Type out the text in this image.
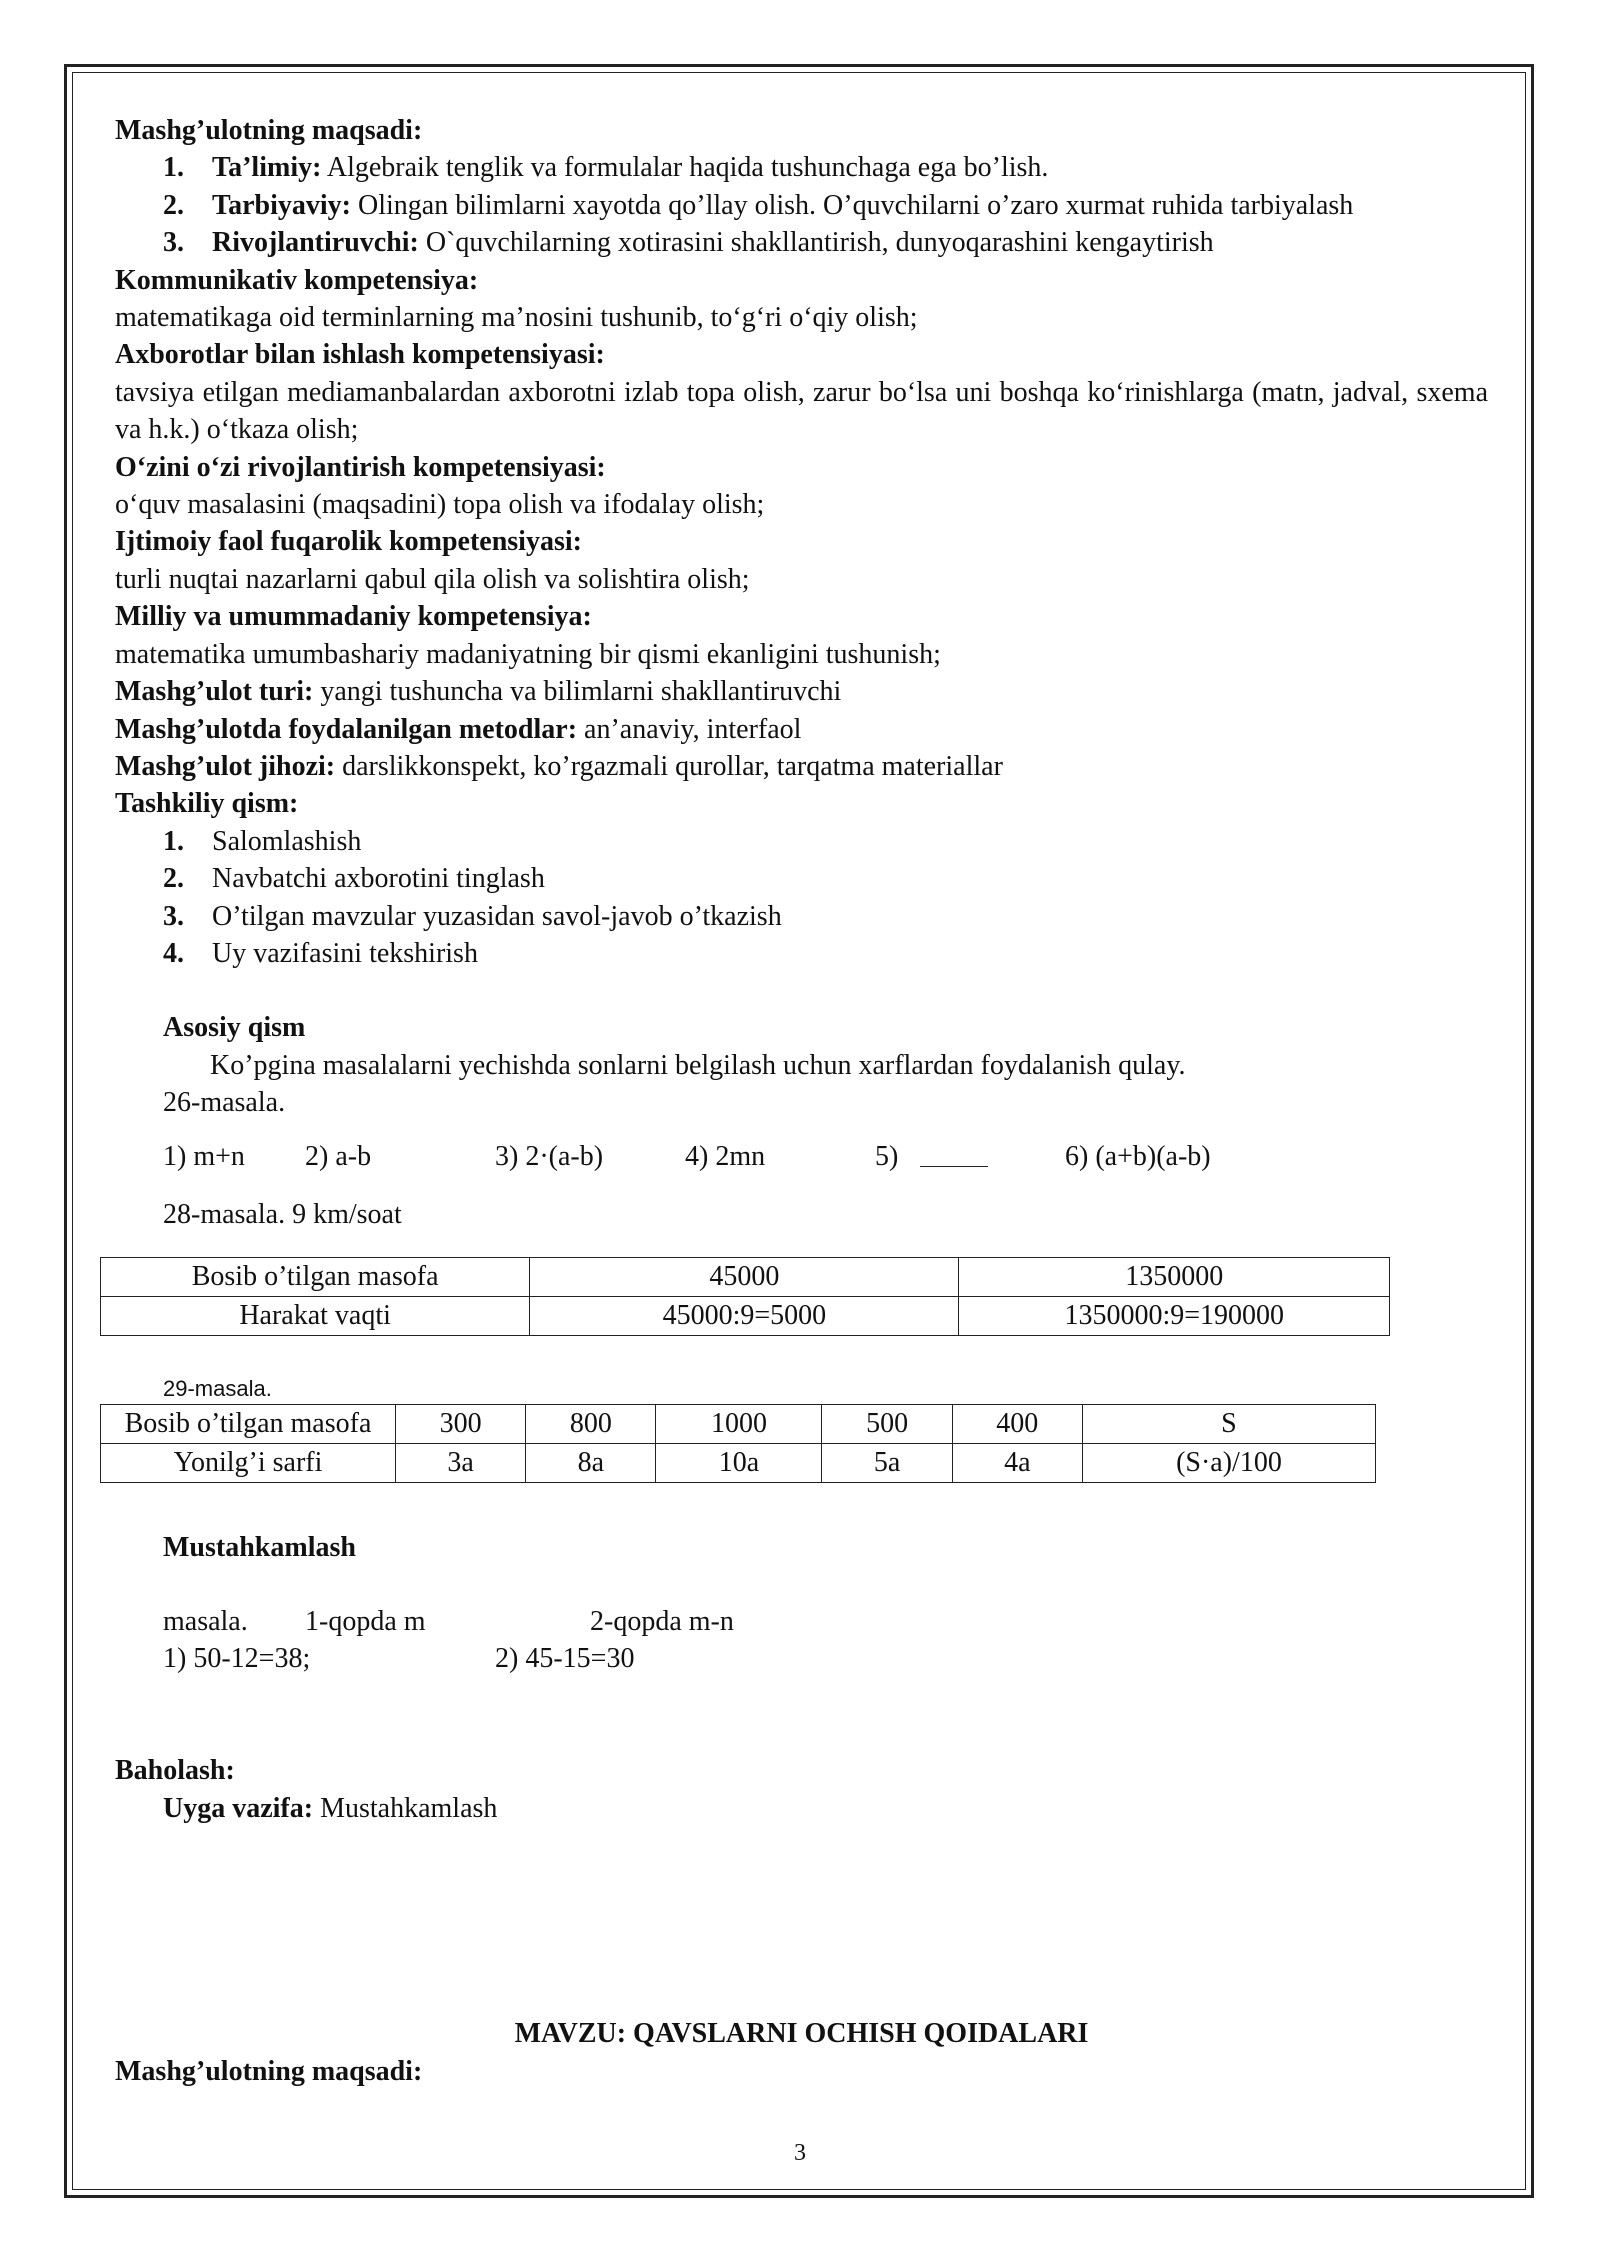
Mashg’ulotning maqsadi:

1. Ta’limiy: Algebraik tenglik va formulalar haqida tushunchaga ega bo’lish.
2. Tarbiyaviy: Olingan bilimlarni xayotda qo’llay olish. O’quvchilarni o’zaro xurmat ruhida tarbiyalash
3. Rivojlantiruvchi: O`quvchilarning xotirasini shakllantirish, dunyoqarashini kengaytirish

Kommunikativ kompetensiya:

matematikaga oid terminlarning ma’nosini tushunib, to‘g‘ri o‘qiy olish;

Axborotlar bilan ishlash kompetensiyasi:

tavsiya etilgan mediamanbalardan axborotni izlab topa olish, zarur bo‘lsa uni boshqa ko‘rinishlarga (matn, jadval, sxema va h.k.) o‘tkaza olish;

O‘zini o‘zi rivojlantirish kompetensiyasi:

o‘quv masalasini (maqsadini) topa olish va ifodalay olish;

Ijtimoiy faol fuqarolik kompetensiyasi:

turli nuqtai nazarlarni qabul qila olish va solishtira olish;

Milliy va umummadaniy kompetensiya:

matematika umumbashariy madaniyatning bir qismi ekanligini tushunish;

Mashg’ulot turi: yangi tushuncha va bilimlarni shakllantiruvchi

Mashg’ulotda foydalanilgan metodlar: an’anaviy, interfaol

Mashg’ulot jihozi: darslikkonspekt, ko’rgazmali qurollar, tarqatma materiallar

Tashkiliy qism:

1. Salomlashish
2. Navbatchi axborotini tinglash
3. O’tilgan mavzular yuzasidan savol-javob o’tkazish
4. Uy vazifasini tekshirish

Asosiy qism

Ko’pgina masalalarni yechishda sonlarni belgilash uchun xarflardan foydalanish qulay.

26-masala.

1) m+n 2) a-b	3) 2·(a-b)	4) 2mn	5)	6) (a+b)(a-b)

28-masala. 9 km/soat

Bosib o’tilgan masofa	45000	1350000
Harakat vaqti	45000:9=5000	1350000:9=190000

29-masala.

Bosib o’tilgan masofa	300	800	1000	500	400	S
Yonilg’i sarfi	3a	8a	10a	5a	4a	(S·a)/100

Mustahkamlash

masala. 1-qopda m	2-qopda m-n
1) 50-12=38;	2) 45-15=30

Baholash:

Uyga vazifa: Mustahkamlash

MAVZU: QAVSLARNI OCHISH QOIDALARI

Mashg’ulotning maqsadi:

3
